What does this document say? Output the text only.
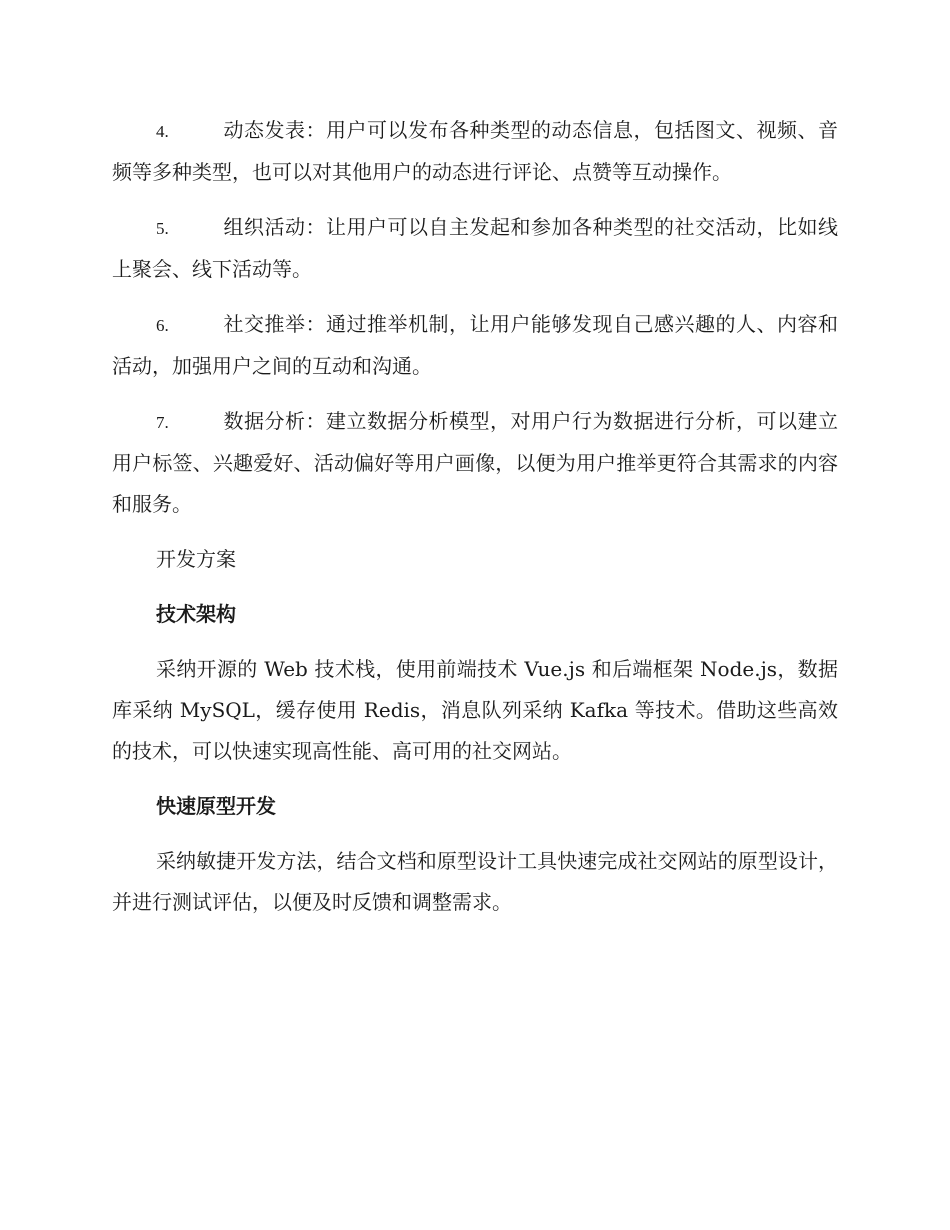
4.	动态发表：用户可以发布各种类型的动态信息，包括图文、视频、音频等多种类型，也可以对其他用户的动态进行评论、点赞等互动操作。

5.	组织活动：让用户可以自主发起和参加各种类型的社交活动，比如线上聚会、线下活动等。

6.	社交推举：通过推举机制，让用户能够发现自己感兴趣的人、内容和活动，加强用户之间的互动和沟通。

7.	数据分析：建立数据分析模型，对用户行为数据进行分析，可以建立用户标签、兴趣爱好、活动偏好等用户画像，以便为用户推举更符合其需求的内容和服务。

开发方案

技术架构

采纳开源的 Web 技术栈，使用前端技术 Vue.js 和后端框架 Node.js，数据库采纳 MySQL，缓存使用 Redis，消息队列采纳 Kafka 等技术。借助这些高效的技术，可以快速实现高性能、高可用的社交网站。

快速原型开发

采纳敏捷开发方法，结合文档和原型设计工具快速完成社交网站的原型设计，并进行测试评估，以便及时反馈和调整需求。
